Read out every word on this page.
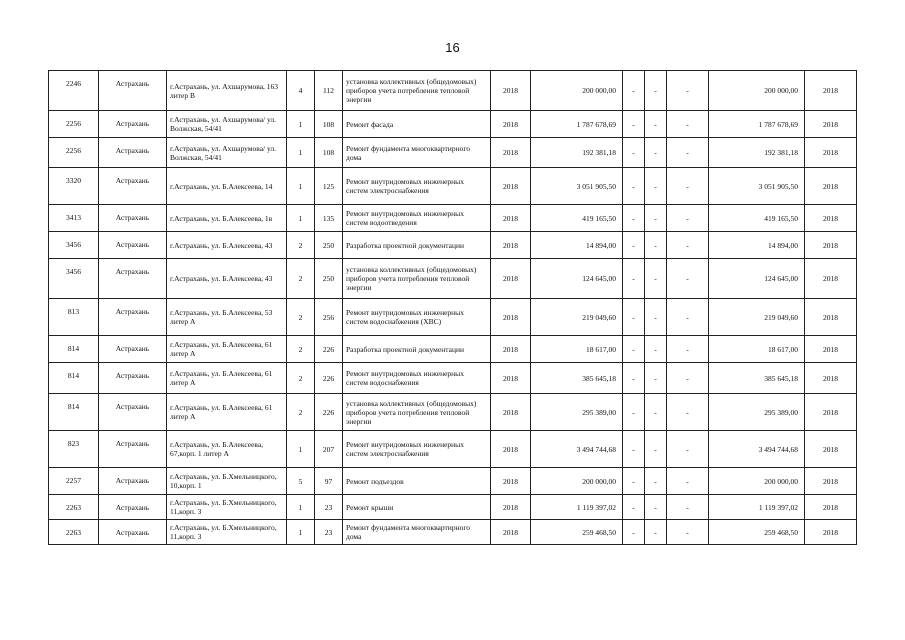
16
2246	Астрахань	г.Астрахань, ул. Ахшарумова, 163 литер В	4	112	установка коллективных (общедомовых) приборов учета потребления тепловой энергии	2018	200 000,00	-	-	-	200 000,00	2018
2256	Астрахань	г.Астрахань, ул. Ахшарумова/ ул. Волжская, 54/41	1	108	Ремонт фасада	2018	1 787 678,69	-	-	-	1 787 678,69	2018
2256	Астрахань	г.Астрахань, ул. Ахшарумова/ ул. Волжская, 54/41	1	108	Ремонт фундамента многоквартирного дома	2018	192 381,18	-	-	-	192 381,18	2018
3320	Астрахань	г.Астрахань, ул. Б.Алексеева, 14	1	125	Ремонт внутридомовых инженерных систем электроснабжения	2018	3 051 905,50	-	-	-	3 051 905,50	2018
3413	Астрахань	г.Астрахань, ул. Б.Алексеева, 1в	1	135	Ремонт внутридомовых инженерных систем водоотведения	2018	419 165,50	-	-	-	419 165,50	2018
3456	Астрахань	г.Астрахань, ул. Б.Алексеева, 43	2	250	Разработка проектной документации	2018	14 894,00	-	-	-	14 894,00	2018
3456	Астрахань	г.Астрахань, ул. Б.Алексеева, 43	2	250	установка коллективных (общедомовых) приборов учета потребления тепловой энергии	2018	124 645,00	-	-	-	124 645,00	2018
813	Астрахань	г.Астрахань, ул. Б.Алексеева, 53 литер А	2	256	Ремонт внутридомовых инженерных систем водоснабжения (ХВС)	2018	219 049,60	-	-	-	219 049,60	2018
814	Астрахань	г.Астрахань, ул. Б.Алексеева, 61 литер А	2	226	Разработка проектной документации	2018	18 617,00	-	-	-	18 617,00	2018
814	Астрахань	г.Астрахань, ул. Б.Алексеева, 61 литер А	2	226	Ремонт внутридомовых инженерных систем водоснабжения	2018	385 645,18	-	-	-	385 645,18	2018
814	Астрахань	г.Астрахань, ул. Б.Алексеева, 61 литер А	2	226	установка коллективных (общедомовых) приборов учета потребления тепловой энергии	2018	295 389,00	-	-	-	295 389,00	2018
823	Астрахань	г.Астрахань, ул. Б.Алексеева, 67,корп. 1 литер А	1	207	Ремонт внутридомовых инженерных систем электроснабжения	2018	3 494 744,68	-	-	-	3 494 744,68	2018
2257	Астрахань	г.Астрахань, ул. Б.Хмельницкого, 10,корп. 1	5	97	Ремонт подъездов	2018	200 000,00	-	-	-	200 000,00	2018
2263	Астрахань	г.Астрахань, ул. Б.Хмельницкого, 11,корп. 3	1	23	Ремонт крыши	2018	1 119 397,02	-	-	-	1 119 397,02	2018
2263	Астрахань	г.Астрахань, ул. Б.Хмельницкого, 11,корп. 3	1	23	Ремонт фундамента многоквартирного дома	2018	259 468,50	-	-	-	259 468,50	2018
